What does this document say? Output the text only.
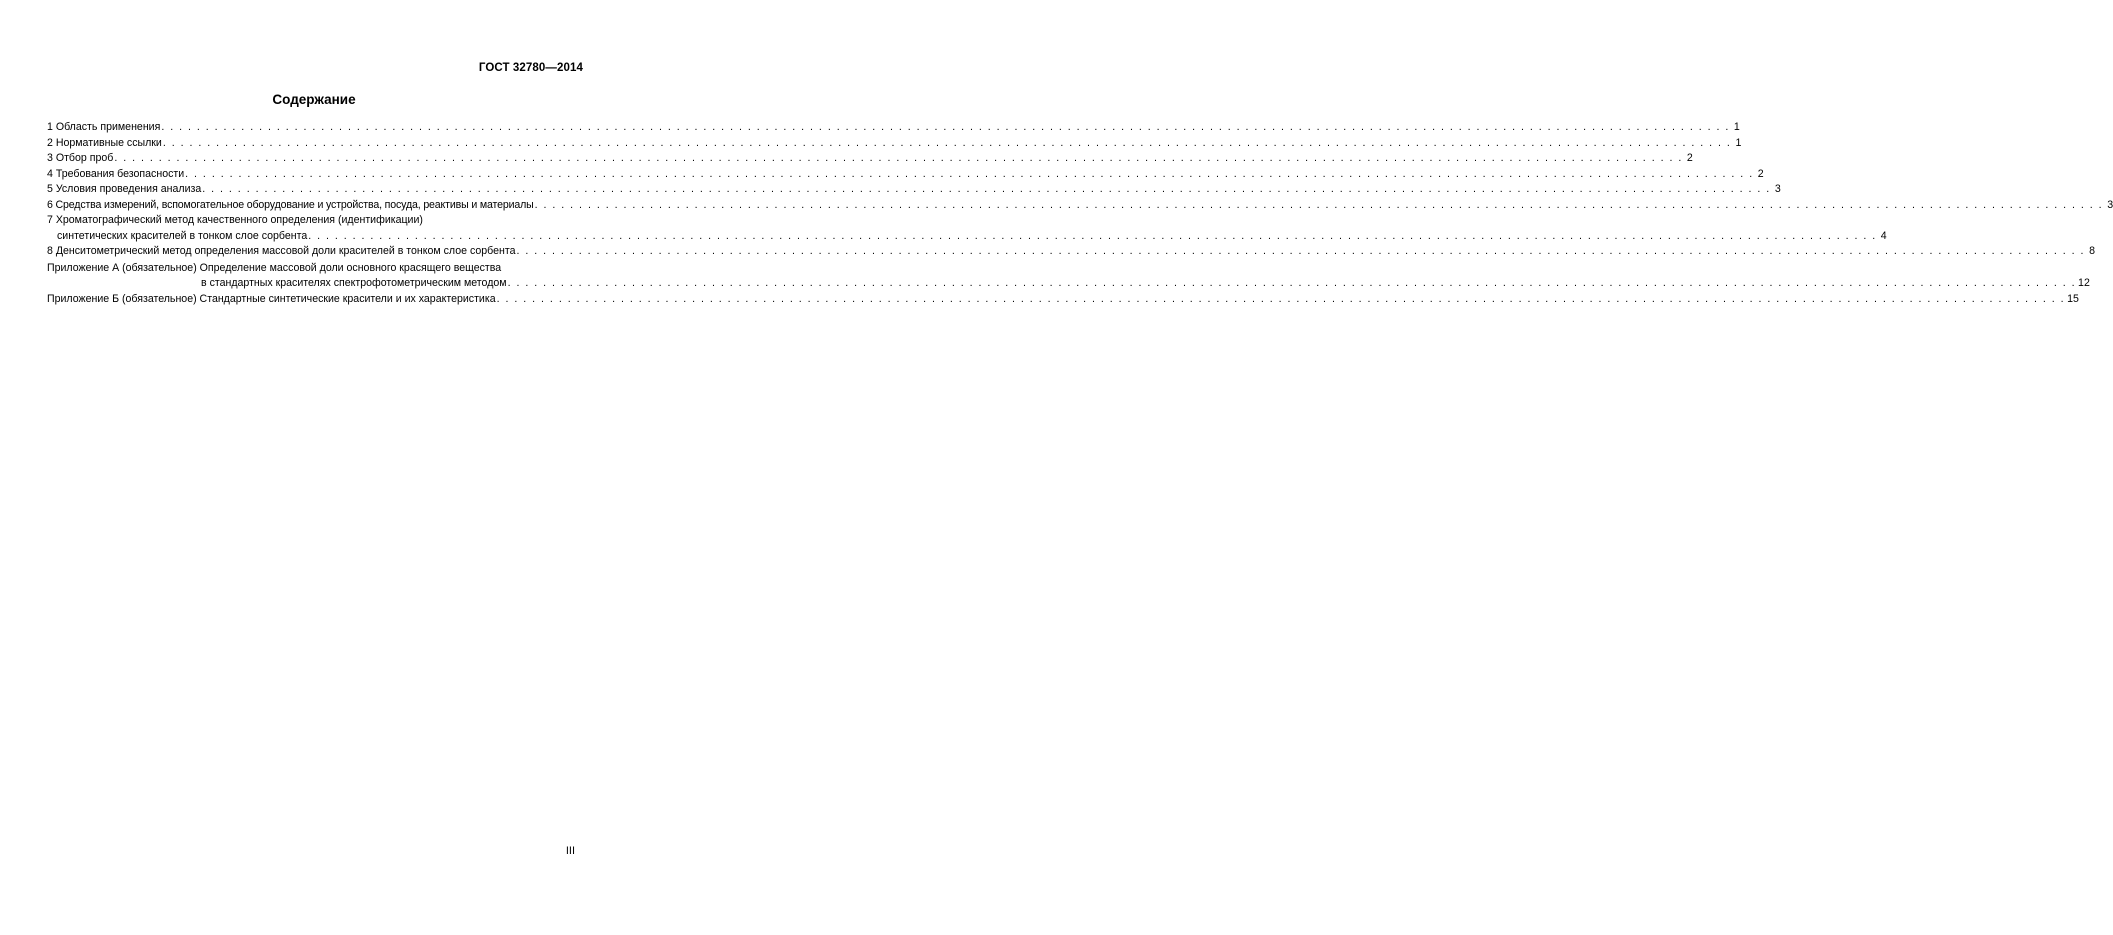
ГОСТ 32780—2014
Содержание
1 Область применения . . .	1
2 Нормативные ссылки . . .	1
3 Отбор проб . . .	2
4 Требования безопасности . . .	2
5 Условия проведения анализа . . .	3
6 Средства измерений, вспомогательное оборудование и устройства, посуда, реактивы и материалы . . .	3
7 Хроматографический метод качественного определения (идентификации)
синтетических красителей в тонком слое сорбента . . .	4
8 Денситометрический метод определения массовой доли красителей в тонком слое сорбента . . .	8
Приложение А (обязательное) Определение массовой доли основного красящего вещества
в стандартных красителях спектрофотометрическим методом . . .	12
Приложение Б (обязательное) Стандартные синтетические красители и их характеристика . . .	15
III
